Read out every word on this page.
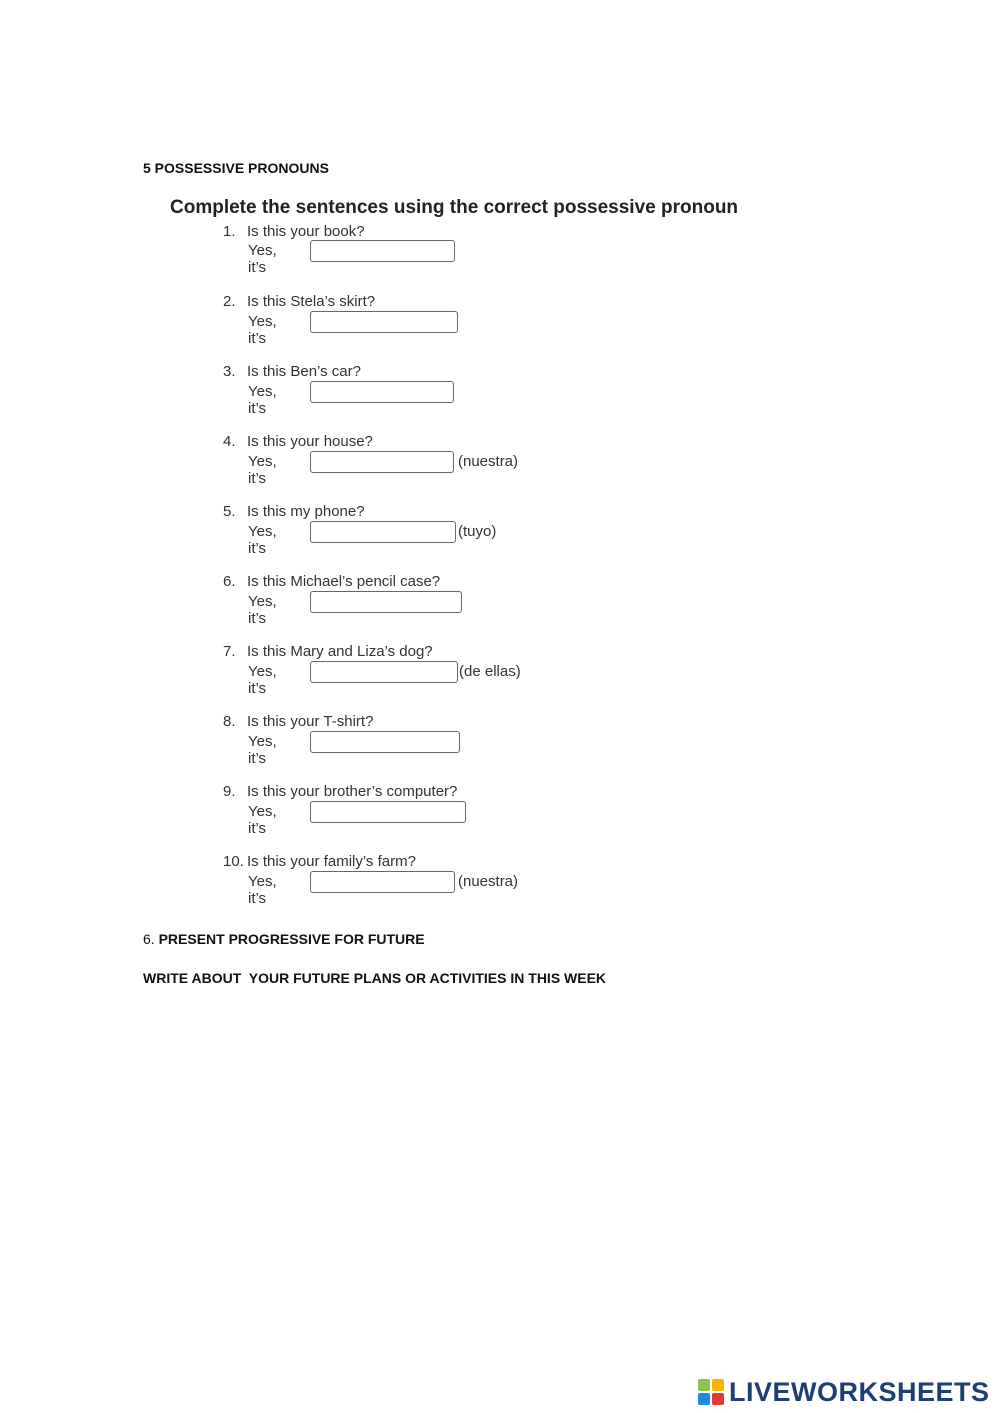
5 POSSESSIVE PRONOUNS
Complete the sentences using the correct possessive pronoun
1. Is this your book?
Yes, it’s
2. Is this Stela’s skirt?
Yes, it’s
3. Is this Ben’s car?
Yes, it’s
4. Is this your house?
Yes, it’s
(nuestra)
5. Is this my phone?
Yes, it’s
(tuyo)
6. Is this Michael’s pencil case?
Yes, it’s
7. Is this Mary and Liza’s dog?
Yes, it’s
(de ellas)
8. Is this your T-shirt?
Yes, it’s
9. Is this your brother’s computer?
Yes, it’s
10. Is this your family’s farm?
Yes, it’s
(nuestra)
6. PRESENT PROGRESSIVE FOR FUTURE
WRITE ABOUT  YOUR FUTURE PLANS OR ACTIVITIES IN THIS WEEK
LIVEWORKSHEETS
